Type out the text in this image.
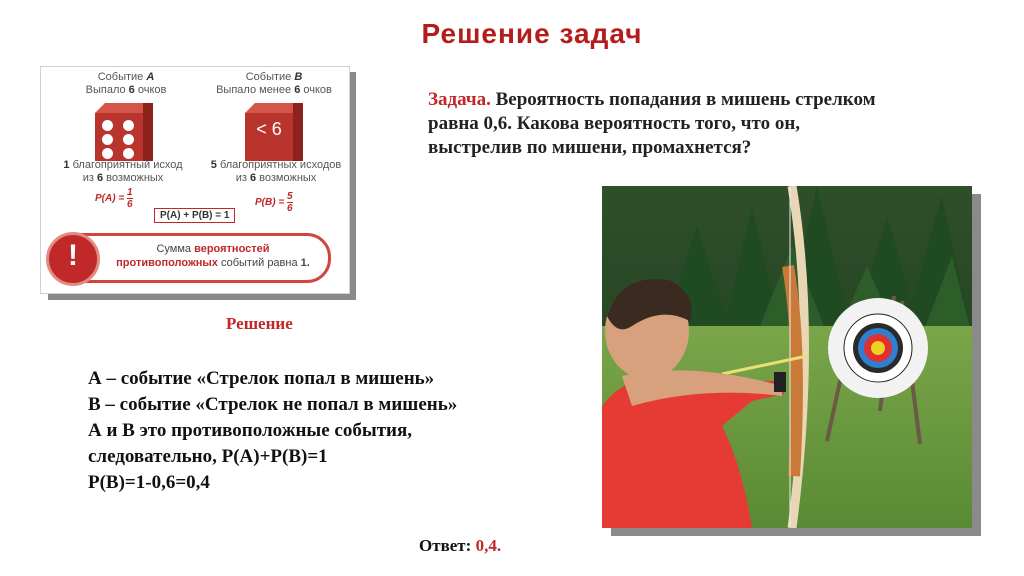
Решение задач
Событие A
Выпало 6 очков
1 благоприятный исход
из 6 возможных
$P(A) = \frac{1}{6}$
Событие B
Выпало менее 6 очков
< 6
5 благоприятных исходов
из 6 возможных
$P(B) = \frac{5}{6}$
P(A) + P(B) = 1
!	Сумма вероятностей
противоположных событий равна 1.
Задача. Вероятность попадания в мишень стрелком равна 0,6. Какова вероятность того, что он, выстрелив по мишени, промахнется?
Решение
А – событие «Стрелок попал в мишень»
В – событие «Стрелок не попал в мишень»
А и В это противоположные события,
следовательно, Р(А)+Р(В)=1
Р(В)=1-0,6=0,4
Ответ: 0,4.
